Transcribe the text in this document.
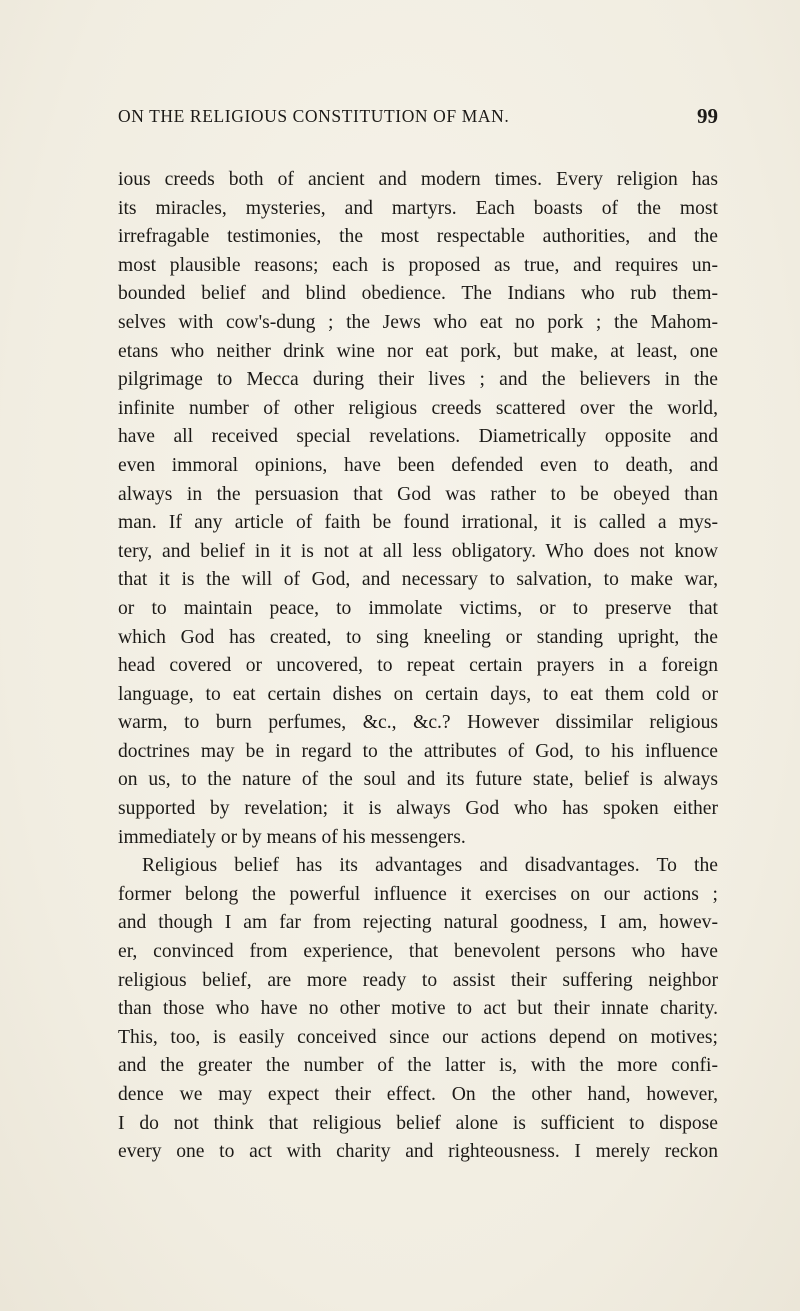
ON THE RELIGIOUS CONSTITUTION OF MAN.	99
ious creeds both of ancient and modern times. Every religion has
its miracles, mysteries, and martyrs. Each boasts of the most
irrefragable testimonies, the most respectable authorities, and the
most plausible reasons; each is proposed as true, and requires un-
bounded belief and blind obedience. The Indians who rub them-
selves with cow's-dung ; the Jews who eat no pork ; the Mahom-
etans who neither drink wine nor eat pork, but make, at least, one
pilgrimage to Mecca during their lives ; and the believers in the
infinite number of other religious creeds scattered over the world,
have all received special revelations. Diametrically opposite and
even immoral opinions, have been defended even to death, and
always in the persuasion that God was rather to be obeyed than
man. If any article of faith be found irrational, it is called a mys-
tery, and belief in it is not at all less obligatory. Who does not know
that it is the will of God, and necessary to salvation, to make war,
or to maintain peace, to immolate victims, or to preserve that
which God has created, to sing kneeling or standing upright, the
head covered or uncovered, to repeat certain prayers in a foreign
language, to eat certain dishes on certain days, to eat them cold or
warm, to burn perfumes, &c., &c.? However dissimilar religious
doctrines may be in regard to the attributes of God, to his influence
on us, to the nature of the soul and its future state, belief is always
supported by revelation; it is always God who has spoken either
immediately or by means of his messengers.
Religious belief has its advantages and disadvantages. To the
former belong the powerful influence it exercises on our actions ;
and though I am far from rejecting natural goodness, I am, howev-
er, convinced from experience, that benevolent persons who have
religious belief, are more ready to assist their suffering neighbor
than those who have no other motive to act but their innate charity.
This, too, is easily conceived since our actions depend on motives;
and the greater the number of the latter is, with the more confi-
dence we may expect their effect. On the other hand, however,
I do not think that religious belief alone is sufficient to dispose
every one to act with charity and righteousness. I merely reckon
